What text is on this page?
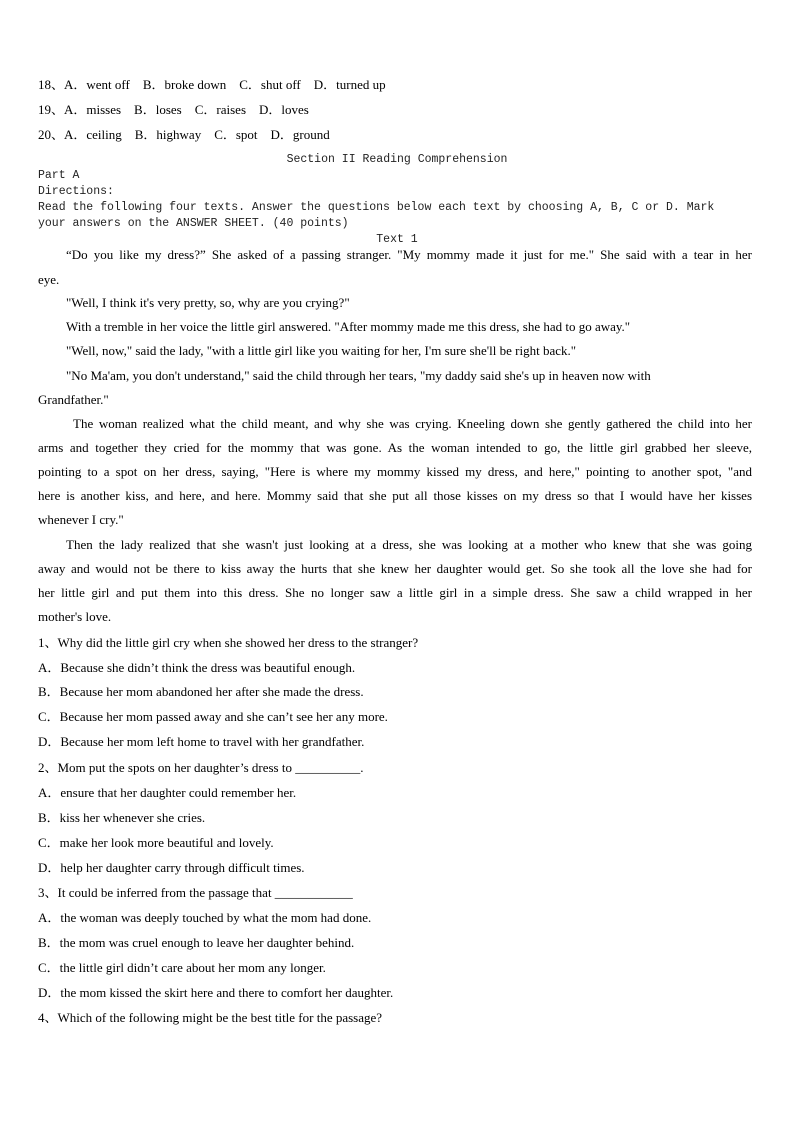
18、A．went off　B．broke down　C．shut off　D．turned up
19、A．misses　B．loses　C．raises　D．loves
20、A．ceiling　B．highway　C．spot　D．ground
Section II Reading Comprehension
Part A
Directions:
Read the following four texts. Answer the questions below each text by choosing A, B, C or D. Mark
your answers on the ANSWER SHEET. (40 points)
Text 1
“Do you like my dress?” She asked of a passing stranger. "My mommy made it just for me." She said with a tear in her
eye.
"Well, I think it's very pretty, so, why are you crying?"
With a tremble in her voice the little girl answered. "After mommy made me this dress, she had to go away."
"Well, now," said the lady, "with a little girl like you waiting for her, I'm sure she'll be right back."
"No Ma'am, you don't understand," said the child through her tears, "my daddy said she's up in heaven now with
Grandfather."
The woman realized what the child meant, and why she was crying. Kneeling down she gently gathered the child into her
arms and together they cried for the mommy that was gone. As the woman intended to go, the little girl grabbed her sleeve,
pointing to a spot on her dress, saying, "Here is where my mommy kissed my dress, and here," pointing to another spot, "and
here is another kiss, and here, and here. Mommy said that she put all those kisses on my dress so that I would have her kisses
whenever I cry."
Then the lady realized that she wasn't just looking at a dress, she was looking at a mother who knew that she was going
away and would not be there to kiss away the hurts that she knew her daughter would get. So she took all the love she had for
her little girl and put them into this dress. She no longer saw a little girl in a simple dress. She saw a child wrapped in her
mother's love.
1、Why did the little girl cry when she showed her dress to the stranger?
A．Because she didn’t think the dress was beautiful enough.
B．Because her mom abandoned her after she made the dress.
C．Because her mom passed away and she can’t see her any more.
D．Because her mom left home to travel with her grandfather.
2、Mom put the spots on her daughter’s dress to __________.
A．ensure that her daughter could remember her.
B．kiss her whenever she cries.
C．make her look more beautiful and lovely.
D．help her daughter carry through difficult times.
3、It could be inferred from the passage that ____________
A．the woman was deeply touched by what the mom had done.
B．the mom was cruel enough to leave her daughter behind.
C．the little girl didn’t care about her mom any longer.
D．the mom kissed the skirt here and there to comfort her daughter.
4、Which of the following might be the best title for the passage?
